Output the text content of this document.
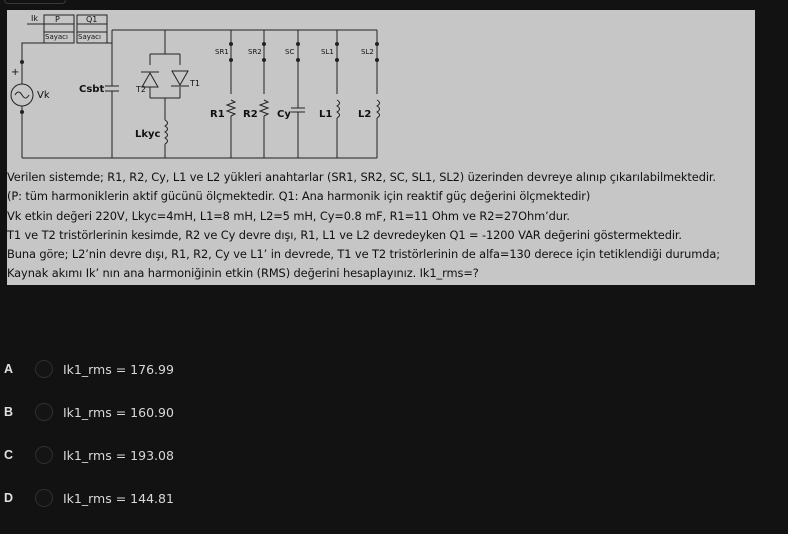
Ik P	Q1
Sayacı Sayacı
+
Vk
Csbt	T2
T1
Lkyc
SR1	SR2	SC	SL1	SL2
R1 R2 Cy	L1	L2
Verilen sistemde; R1, R2, Cy, L1 ve L2 yükleri anahtarlar (SR1, SR2, SC, SL1, SL2) üzerinden devreye alınıp çıkarılabilmektedir.
(P: tüm harmoniklerin aktif gücünü ölçmektedir. Q1: Ana harmonik için reaktif güç değerini ölçmektedir)
Vk etkin değeri 220V, Lkyc=4mH, L1=8 mH, L2=5 mH, Cy=0.8 mF, R1=11 Ohm ve R2=27Ohm’dur.
T1 ve T2 tristörlerinin kesimde, R2 ve Cy devre dışı, R1, L1 ve L2 devredeyken Q1 = -1200 VAR değerini göstermektedir.
Buna göre; L2’nin devre dışı, R1, R2, Cy ve L1’ in devrede, T1 ve T2 tristörlerinin de alfa=130 derece için tetiklendiği durumda;
Kaynak akımı Ik’ nın ana harmoniğinin etkin (RMS) değerini hesaplayınız. Ik1_rms=?
A	Ik1_rms = 176.99
B	Ik1_rms = 160.90
C	Ik1_rms = 193.08
D	Ik1_rms = 144.81
